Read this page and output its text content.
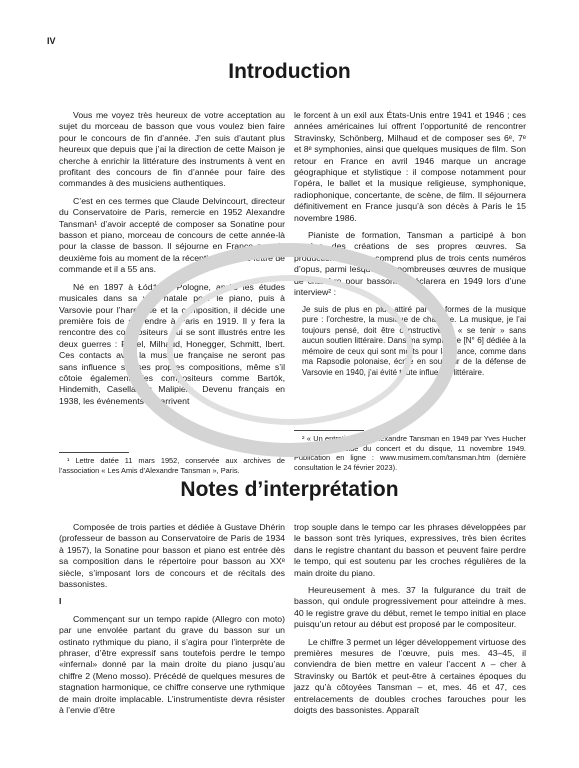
IV
Introduction

Vous me voyez très heureux de votre acceptation au sujet du morceau de basson que vous voulez bien faire pour le concours de fin d’année. J’en suis d’autant plus heureux que depuis que j’ai la direction de cette Maison je cherche à enrichir la littérature des instruments à vent en profitant des concours de fin d’année pour faire des commandes à des musiciens authentiques.

C’est en ces termes que Claude Delvincourt, directeur du Conservatoire de Paris, remercie en 1952 Alexandre Tansman¹ d’avoir accepté de composer sa Sonatine pour basson et piano, morceau de concours de cette année-là pour la classe de basson. Il séjourne en France pour la deuxième fois au moment de la réception de cette lettre de commande et il a 55 ans.

Né en 1897 à Łódź en Pologne, après les études musicales dans sa ville natale pour le piano, puis à Varsovie pour l’harmonie et la composition, il décide une première fois de se rendre à Paris en 1919. Il y fera la rencontre des compositeurs qui se sont illustrés entre les deux guerres : Ravel, Milhaud, Honegger, Schmitt, Ibert. Ces contacts avec la musique française ne seront pas sans influence sur ses propres compositions, même s’il côtoie également des compositeurs comme Bartók, Hindemith, Casella ou Malipiero. Devenu français en 1938, les événements qui arrivent

¹ Lettre datée 11 mars 1952, conservée aux archives de l’association « Les Amis d’Alexandre Tansman », Paris.

le forcent à un exil aux États-Unis entre 1941 et 1946 ; ces années américaines lui offrent l’opportunité de rencontrer Stravinsky, Schönberg, Milhaud et de composer ses 6ᵉ, 7ᵉ et 8ᵉ symphonies, ainsi que quelques musiques de film. Son retour en France en avril 1946 marque un ancrage géographique et stylistique : il compose notamment pour l’opéra, le ballet et la musique religieuse, symphonique, radiophonique, concertante, de scène, de film. Il séjournera définitivement en France jusqu’à son décès à Paris le 15 novembre 1986.

Pianiste de formation, Tansman a participé à bon nombre des créations de ses propres œuvres. Sa production musicale comprend plus de trois cents numéros d’opus, parmi lesquels de nombreuses œuvres de musique de chambre pour basson. Il déclarera en 1949 lors d’une interview² :

Je suis de plus en plus attiré par les formes de la musique pure : l’orchestre, la musique de chambre. La musique, je l’ai toujours pensé, doit être constructive et « se tenir » sans aucun soutien littéraire. Dans ma symphonie [N° 6] dédiée à la mémoire de ceux qui sont morts pour la France, comme dans ma Rapsodie polonaise, écrite en souvenir de la défense de Varsovie en 1940, j’ai évité toute influence littéraire.

² « Un entretien avec Alexandre Tansman en 1949 par Yves Hucher », dans Le Guide du concert et du disque, 11 novembre 1949. Publication en ligne : www.musimem.com/tansman.htm (dernière consultation le 24 février 2023).

Notes d’interprétation

Composée de trois parties et dédiée à Gustave Dhérin (professeur de basson au Conservatoire de Paris de 1934 à 1957), la Sonatine pour basson et piano est entrée dès sa composition dans le répertoire pour basson au XXᵉ siècle, s’imposant lors de concours et de récitals des bassonistes.

I

Commençant sur un tempo rapide (Allegro con moto) par une envolée partant du grave du basson sur un ostinato rythmique du piano, il s’agira pour l’interprète de phraser, d’être expressif sans toutefois perdre le tempo «infernal» donné par la main droite du piano jusqu’au chiffre 2 (Meno mosso). Précédé de quelques mesures de stagnation harmonique, ce chiffre conserve une rythmique de main droite implacable. L’instrumentiste devra résister à l’envie d’être

trop souple dans le tempo car les phrases développées par le basson sont très lyriques, expressives, très bien écrites dans le registre chantant du basson et peuvent faire perdre le tempo, qui est soutenu par les croches régulières de la main droite du piano.

Heureusement à mes. 37 la fulgurance du trait de basson, qui ondule progressivement pour atteindre à mes. 40 le registre grave du début, remet le tempo initial en place puisqu’un retour au début est proposé par le compositeur.

Le chiffre 3 permet un léger développement virtuose des premières mesures de l’œuvre, puis mes. 43–45, il conviendra de bien mettre en valeur l’accent ∧ – cher à Stravinsky ou Bartók et peut-être à certaines époques du jazz qu’à côtoyées Tansman – et, mes. 46 et 47, ces entrelacements de doubles croches farouches pour les doigts des bassonistes. Apparaît
